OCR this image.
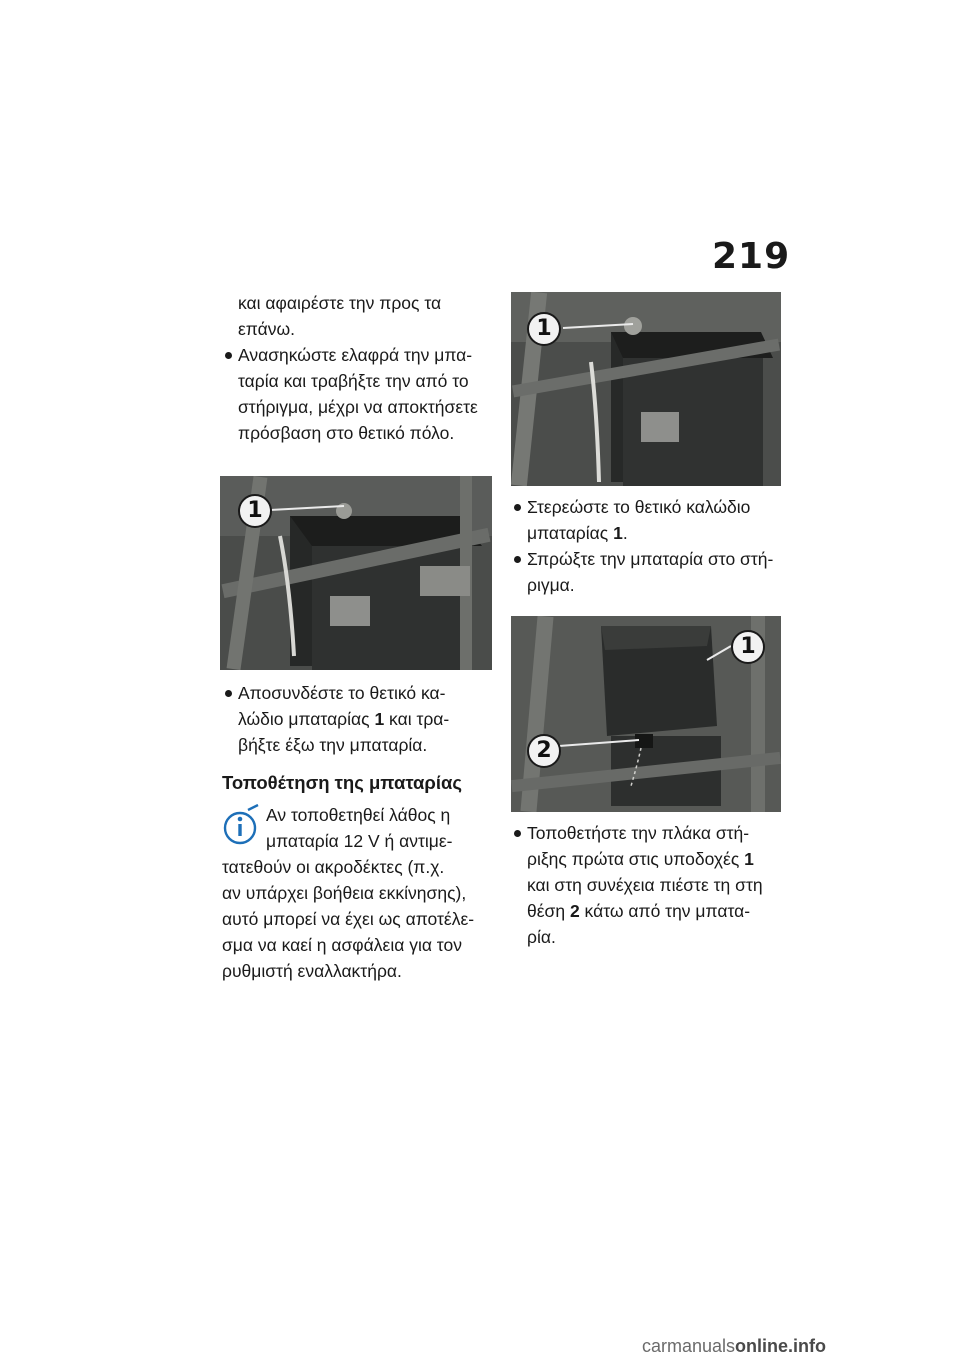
219

και αφαιρέστε την προς τα

επάνω.

Ανασηκώστε ελαφρά την μπα-

ταρία και τραβήξτε την από το

στήριγμα, μέχρι να αποκτήσετε

πρόσβαση στο θετικό πόλο.

1

Αποσυνδέστε το θετικό κα-

λώδιο μπαταρίας 1 και τρα-

βήξτε έξω την μπαταρία.

Τοποθέτηση της μπαταρίας

Αν τοποθετηθεί λάθος η

μπαταρία 12 V ή αντιμε-

τατεθούν οι ακροδέκτες (π.χ.

αν υπάρχει βοήθεια εκκίνησης),

αυτό μπορεί να έχει ως αποτέλε-

σμα να καεί η ασφάλεια για τον

ρυθμιστή εναλλακτήρα.

1

Στερεώστε το θετικό καλώδιο

μπαταρίας 1.

Σπρώξτε την μπαταρία στο στή-

ριγμα.

1
2

Τοποθετήστε την πλάκα στή-

ριξης πρώτα στις υποδοχές 1

και στη συνέχεια πιέστε τη στη

θέση 2 κάτω από την μπατα-

ρία.

carmanualsonline.info
